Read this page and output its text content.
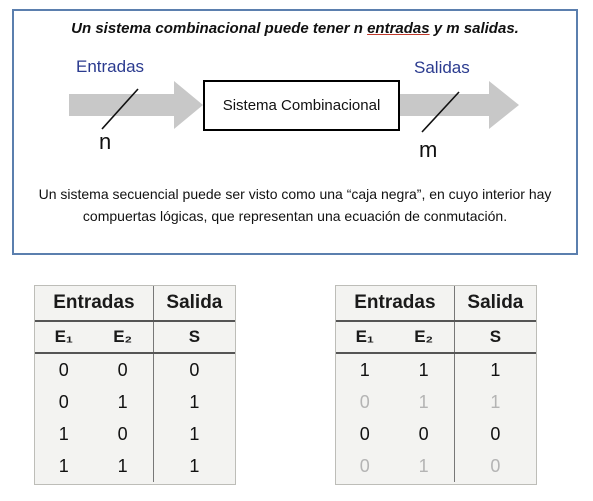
Un sistema combinacional puede tener n entradas y m salidas.
Entradas	Salidas
Sistema Combinacional
n	m
Un sistema secuencial puede ser visto como una “caja negra”, en cuyo interior hay
compuertas lógicas, que representan una ecuación de conmutación.
Entradas		Salida
E₁	E₂	S
0	0	0
0	1	1
1	0	1
1	1	1
Entradas		Salida
E₁	E₂	S
1	1	1
0	1	1
0	0	0
0	1	0
